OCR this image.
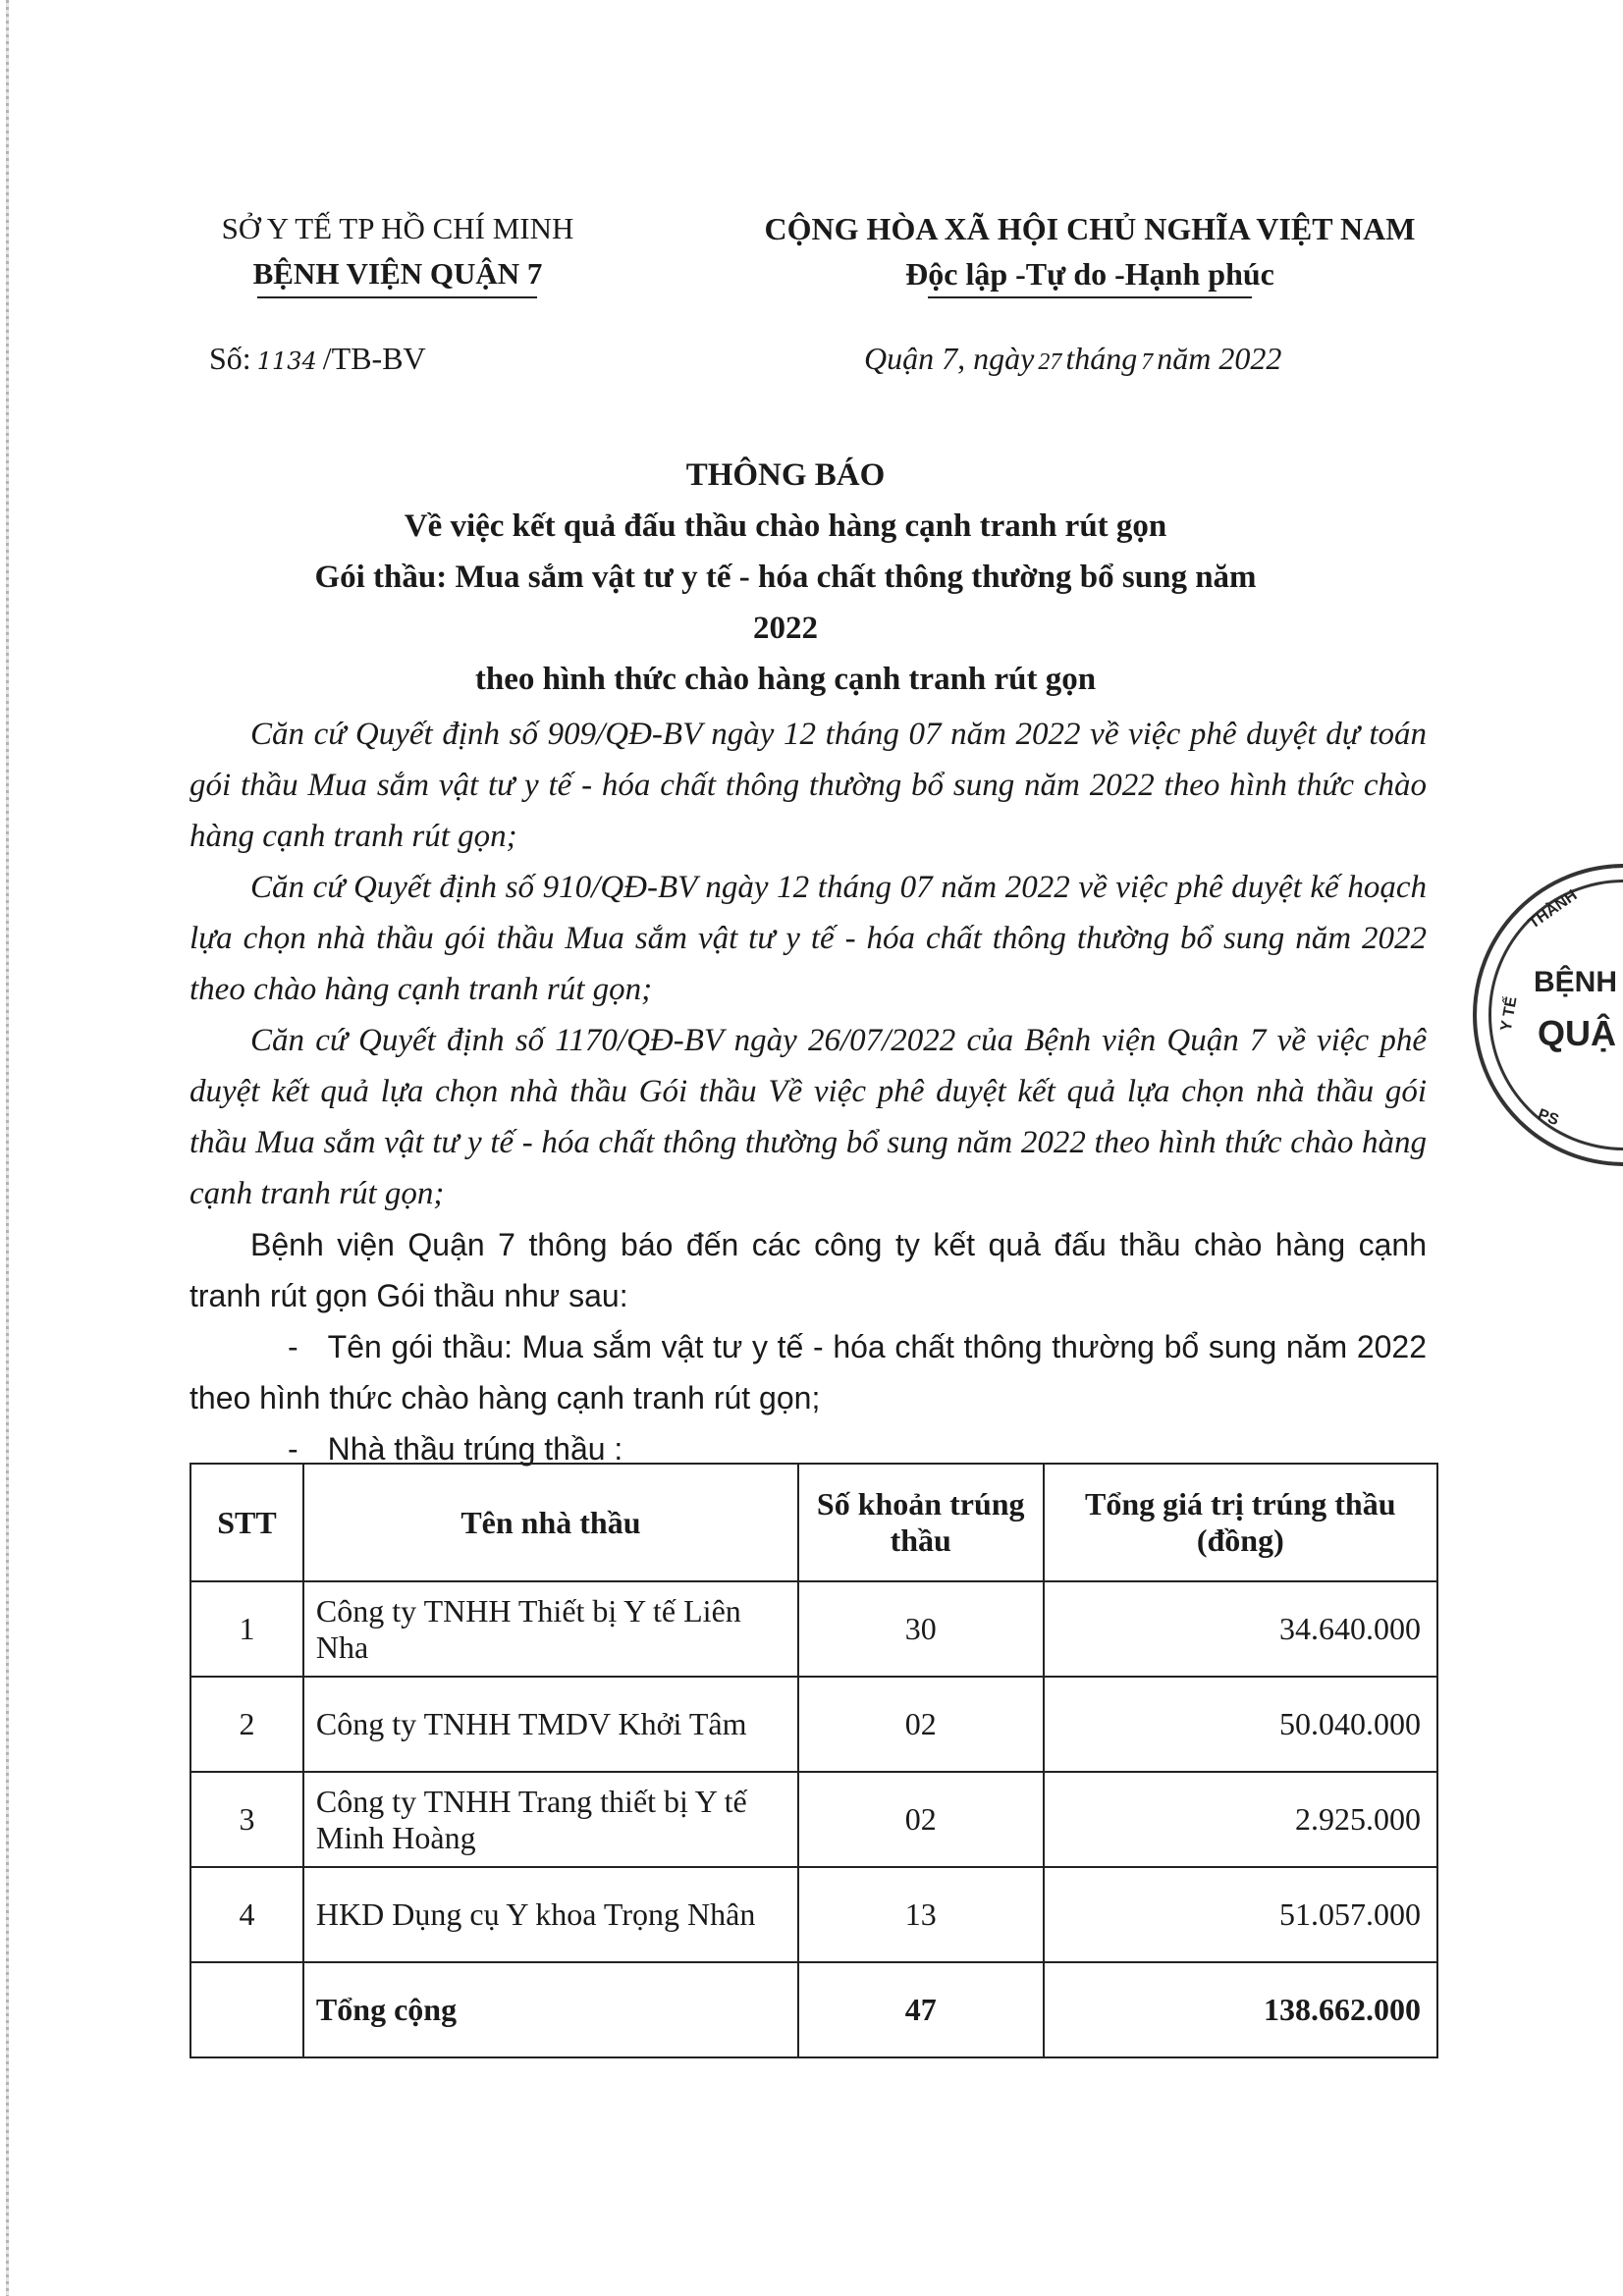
SỞ Y TẾ TP HỒ CHÍ MINH
BỆNH VIỆN QUẬN 7
CỘNG HÒA XÃ HỘI CHỦ NGHĨA VIỆT NAM
Độc lập -Tự do -Hạnh phúc
Số: 1134 /TB-BV	Quận 7, ngày 27 tháng 7 năm 2022
THÔNG BÁO
Về việc kết quả đấu thầu chào hàng cạnh tranh rút gọn
Gói thầu: Mua sắm vật tư y tế - hóa chất thông thường bổ sung năm 2022
theo hình thức chào hàng cạnh tranh rút gọn

Căn cứ Quyết định số 909/QĐ-BV ngày 12 tháng 07 năm 2022 về việc phê duyệt dự toán gói thầu Mua sắm vật tư y tế - hóa chất thông thường bổ sung năm 2022 theo hình thức chào hàng cạnh tranh rút gọn;

Căn cứ Quyết định số 910/QĐ-BV ngày 12 tháng 07 năm 2022 về việc phê duyệt kế hoạch lựa chọn nhà thầu gói thầu Mua sắm vật tư y tế - hóa chất thông thường bổ sung năm 2022 theo chào hàng cạnh tranh rút gọn;

Căn cứ Quyết định số 1170/QĐ-BV ngày 26/07/2022 của Bệnh viện Quận 7 về việc phê duyệt kết quả lựa chọn nhà thầu Gói thầu Về việc phê duyệt kết quả lựa chọn nhà thầu gói thầu Mua sắm vật tư y tế - hóa chất thông thường bổ sung năm 2022 theo hình thức chào hàng cạnh tranh rút gọn;

Bệnh viện Quận 7 thông báo đến các công ty kết quả đấu thầu chào hàng cạnh tranh rút gọn Gói thầu như sau:

- Tên gói thầu: Mua sắm vật tư y tế - hóa chất thông thường bổ sung năm 2022 theo hình thức chào hàng cạnh tranh rút gọn;

- Nhà thầu trúng thầu :

STT	Tên nhà thầu	Số khoản trúng thầu	Tổng giá trị trúng thầu (đồng)
1	Công ty TNHH Thiết bị Y tế Liên Nha	30	34.640.000
2	Công ty TNHH TMDV Khởi Tâm	02	50.040.000
3	Công ty TNHH Trang thiết bị Y tế Minh Hoàng	02	2.925.000
4	HKD Dụng cụ Y khoa Trọng Nhân	13	51.057.000
	Tổng cộng	47	138.662.000
BỆNH
QUẬ
Y TẾ
THÀNH
PS
